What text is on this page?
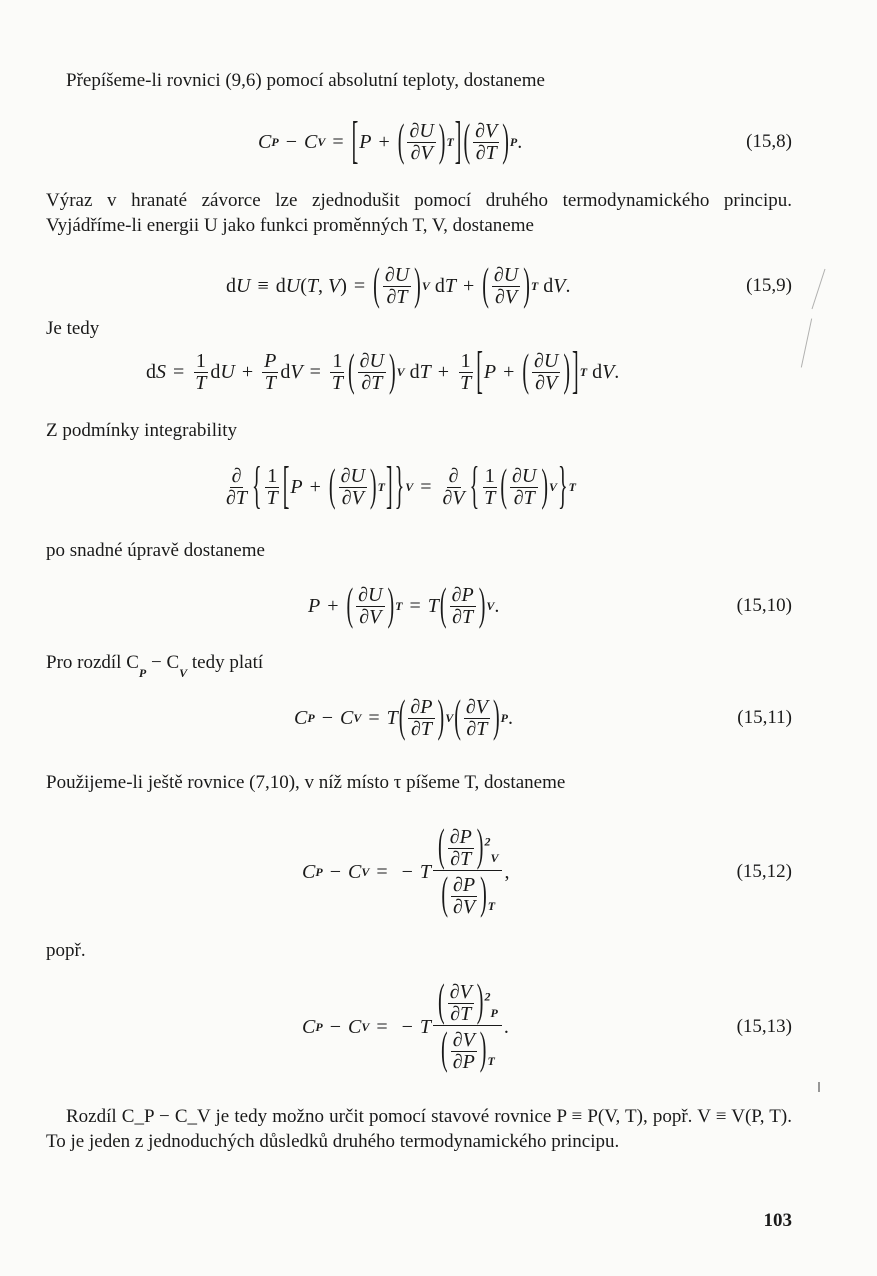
Přepíšeme-li rovnici (9,6) pomocí absolutní teploty, dostaneme
C P − C V = [ P + ( $\frac{\partial U}{\partial V}$ ) T ] ( $\frac{\partial V}{\partial T}$ ) P .	(15,8)
Výraz v hranaté závorce lze zjednodušit pomocí druhého termodynamického principu. Vyjádříme-li energii U jako funkci proměnných T, V, dostaneme
d U ≡ d U ( T , V ) = ( $\frac{\partial U}{\partial T}$ ) V d T + ( $\frac{\partial U}{\partial V}$ ) T d V .	(15,9)
Je tedy
d $S = \frac{1}{T}$ d $U + \frac{P}{T}$ d $V = \frac{1}{T}$ ( $\frac{\partial U}{\partial T}$ ) V d $T + \frac{1}{T}$ [ P + ( $\frac{\partial U}{\partial V}$ ) ] T d V .
Z podmínky integrability
$\frac{\partial}{\partial T}$ { $\frac{1}{T}$ [ P + ( $\frac{\partial U}{\partial V}$ ) T ] } $V = \frac{\partial}{\partial V}$ { $\frac{1}{T}$ ( $\frac{\partial U}{\partial T}$ ) V } T
po snadné úpravě dostaneme
P + ( $\frac{\partial U}{\partial V}$ ) T = T ( $\frac{\partial P}{\partial T}$ ) V .	(15,10)
Pro rozdíl $C_P - C_V$ tedy platí
C P − C V = T ( $\frac{\partial P}{\partial T}$ ) V ( $\frac{\partial V}{\partial T}$ ) P .	(15,11)
Použijeme-li ještě rovnice (7,10), v níž místo τ píšeme T, dostaneme
C P − C V = − T $\frac{( \frac{\partial P}{\partial T} )^2_V}{( \frac{\partial P}{\partial V} )_T}$ ,	(15,12)
popř.
C P − C V = − T $\frac{( \frac{\partial V}{\partial T} )^2_P}{( \frac{\partial V}{\partial P} )_T}$ .	(15,13)
Rozdíl C_P − C_V je tedy možno určit pomocí stavové rovnice P ≡ P(V, T), popř. V ≡ V(P, T). To je jeden z jednoduchých důsledků druhého termodynamického principu.
103
